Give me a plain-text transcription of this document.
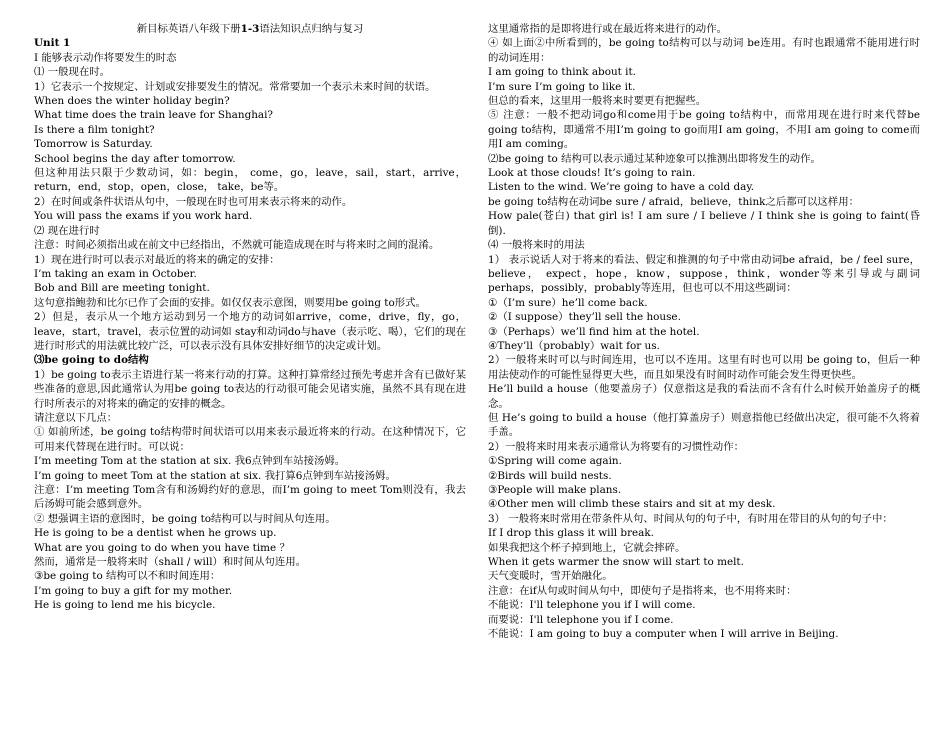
新目标英语八年级下册1-3语法知识点归纳与复习

Unit 1

Ⅰ 能够表示动作将要发生的时态

⑴ 一般现在时。

1）它表示一个按规定、计划或安排要发生的情况。常常要加一个表示未来时间的状语。

When does the winter holiday begin?

What time does the train leave for Shanghai?

Is there a film tonight?

Tomorrow is Saturday.

School begins the day after tomorrow.

但这种用法只限于少数动词，如：begin， come，go，leave，sail，start，arrive，return，end，stop，open，close， take，be等。

2）在时间或条件状语从句中，一般现在时也可用来表示将来的动作。

You will pass the exams if you work hard.

⑵ 现在进行时

注意：时间必须指出或在前文中已经指出，不然就可能造成现在时与将来时之间的混淆。

1）现在进行时可以表示对最近的将来的确定的安排：

I’m taking an exam in October.

Bob and Bill are meeting tonight.

这句意指鲍勃和比尔已作了会面的安排。如仅仅表示意图，则要用be going to形式。

2）但是，表示从一个地方运动到另一个地方的动词如arrive，come，drive，fly，go，leave，start，travel，表示位置的动词如 stay和动词do与have（表示吃、喝），它们的现在进行时形式的用法就比较广泛，可以表示没有具体安排好细节的决定或计划。

⑶be going to do结构

1）be going to表示主语进行某一将来行动的打算。这种打算常经过预先考虑并含有已做好某些准备的意思,因此通常认为用be going to表达的行动很可能会见诸实施，虽然不具有现在进行时所表示的对将来的确定的安排的概念。

请注意以下几点：

① 如前所述，be going to结构带时间状语可以用来表示最近将来的行动。在这种情况下，它可用来代替现在进行时。可以说：

I’m meeting Tom at the station at six. 我6点钟到车站接汤姆。

I’m going to meet Tom at the station at six. 我打算6点钟到车站接汤姆。

注意：I’m meeting Tom含有和汤姆约好的意思，而I’m going to meet Tom则没有，我去后汤姆可能会感到意外。

② 想强调主语的意图时，be going to结构可以与时间从句连用。

He is going to be a dentist when he grows up.

What are you going to do when you have time ？

然而，通常是一般将来时（shall / will）和时间从句连用。

③be going to 结构可以不和时间连用：

I’m going to buy a gift for my mother.

He is going to lend me his bicycle.

这里通常指的是即将进行或在最近将来进行的动作。

④ 如上面②中所看到的，be going to结构可以与动词 be连用。有时也跟通常不能用进行时的动词连用：

I am going to think about it.

I’m sure I’m going to like it.

但总的看来，这里用一般将来时要更有把握些。

⑤ 注意：一般不把动词go和come用于be going to结构中，而常用现在进行时来代替be going to结构，即通常不用I’m going to go而用I am going，不用I am going to come而用I am coming。

⑵be going to 结构可以表示通过某种迹象可以推测出即将发生的动作。

Look at those clouds! It’s going to rain.

Listen to the wind. We’re going to have a cold day.

be going to结构在动词be sure / afraid，believe，think之后都可以这样用：

How pale(苍白) that girl is! I am sure / I believe / I think she is going to faint(昏倒).

⑷ 一般将来时的用法

1） 表示说话人对于将来的看法、假定和推测的句子中常由动词be afraid，be / feel sure， believe， expect，hope，know，suppose，think，wonder等来引导或与副词perhaps，possibly，probably等连用，但也可以不用这些副词：

①（I’m sure）he’ll come back.

②（I suppose）they’ll sell the house.

③（Perhaps）we’ll find him at the hotel.

④They’ll（probably）wait for us.

2）一般将来时可以与时间连用，也可以不连用。这里有时也可以用 be going to，但后一种用法使动作的可能性显得更大些，而且如果没有时间时动作可能会发生得更快些。

He’ll build a house（他要盖房子）仅意指这是我的看法而不含有什么时候开始盖房子的概念。

但 He’s going to build a house（他打算盖房子）则意指他已经做出决定，很可能不久将着手盖。

2）一般将来时用来表示通常认为将要有的习惯性动作：

①Spring will come again.

②Birds will build nests.

③People will make plans.

④Other men will climb these stairs and sit at my desk.

3） 一般将来时常用在带条件从句、时间从句的句子中，有时用在带目的从句的句子中：

If I drop this glass it will break.

如果我把这个杯子掉到地上，它就会摔碎。

When it gets warmer the snow will start to melt.

天气变暖时，雪开始融化。

注意：在if从句或时间从句中，即使句子是指将来，也不用将来时：

不能说：I'll telephone you if I will come.

而要说：I'll telephone you if I come.

不能说：I am going to buy a computer when I will arrive in Beijing.
